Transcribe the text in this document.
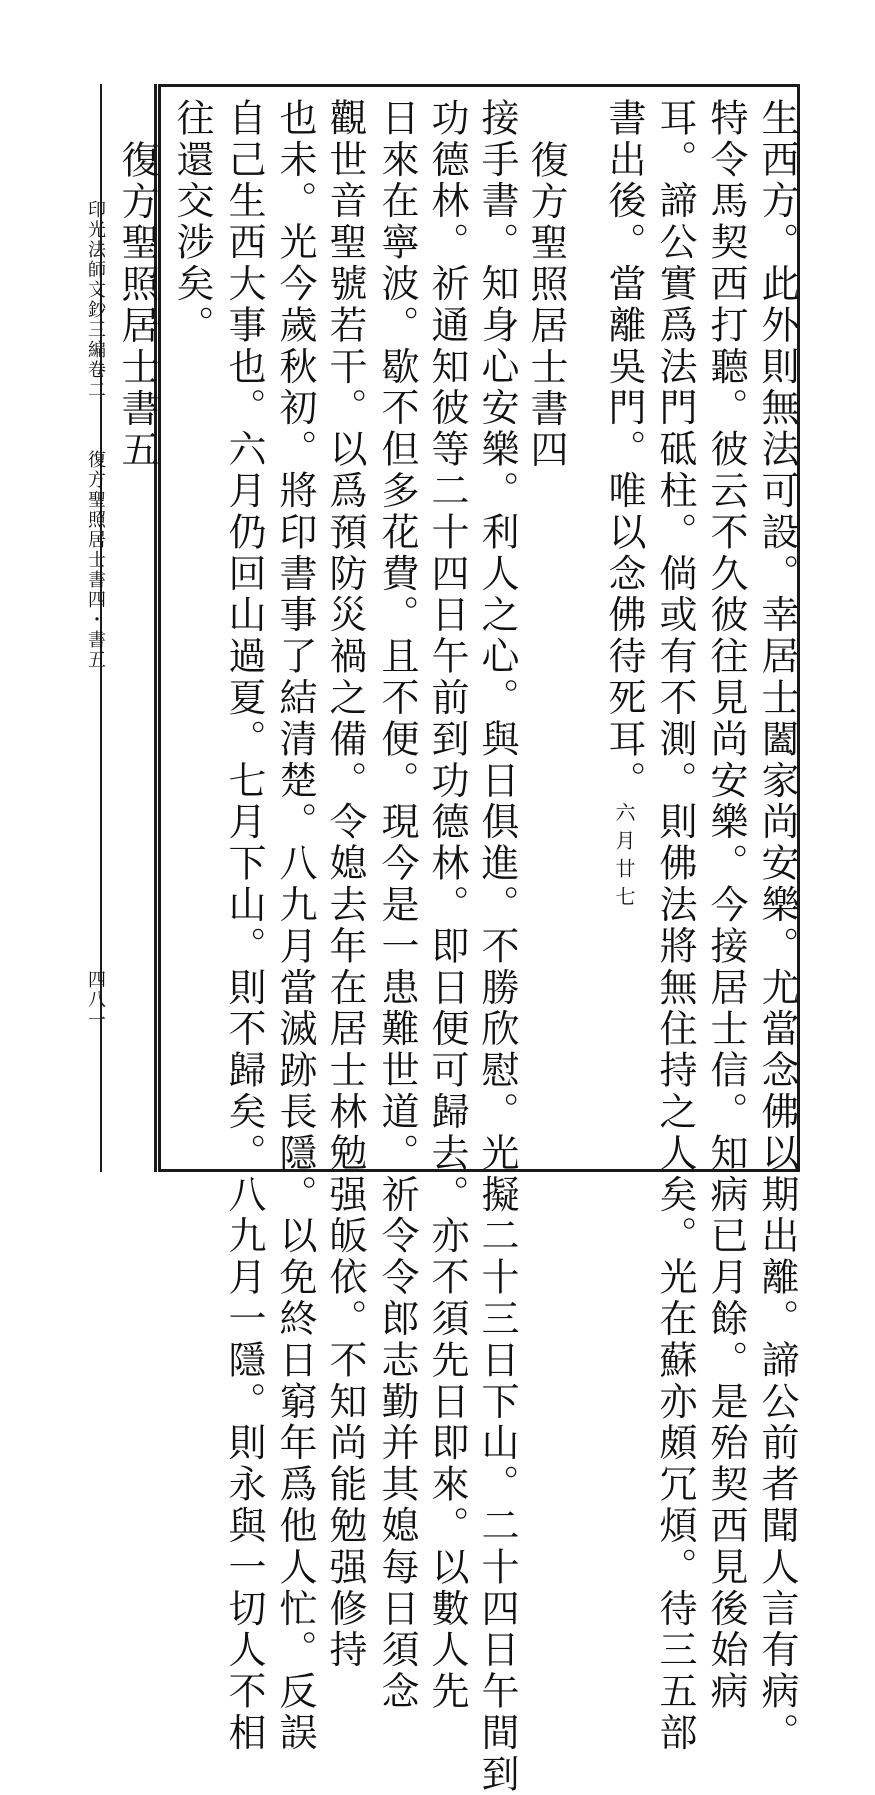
生西方。此外則無法可設。幸居士闔家尚安樂。尤當念佛以期出離。諦公前者聞人言有病。
特令馬契西打聽。彼云不久彼往見尚安樂。今接居士信。知病已月餘。是殆契西見後始病
耳。諦公實爲法門砥柱。倘或有不測。則佛法將無住持之人矣。光在蘇亦頗冗煩。待三五部
書出後。當離吳門。唯以念佛待死耳。六月廿七
復方聖照居士書四
接手書。知身心安樂。利人之心。與日俱進。不勝欣慰。光擬二十三日下山。二十四日午間到
功德林。祈通知彼等二十四日午前到功德林。即日便可歸去。亦不須先日即來。以數人先
日來在寧波。歇不但多花費。且不便。現今是一患難世道。祈令令郎志勤并其媳每日須念
觀世音聖號若干。以爲預防災禍之備。令媳去年在居士林勉强皈依。不知尚能勉强修持
也未。光今歲秋初。將印書事了結清楚。八九月當滅跡長隱。以免終日窮年爲他人忙。反誤
自己生西大事也。六月仍回山過夏。七月下山。則不歸矣。八九月一隱。則永與一切人不相
往還交涉矣。
復方聖照居士書五
印光法師文鈔三編卷二
復方聖照居士書四・書五
四八一
